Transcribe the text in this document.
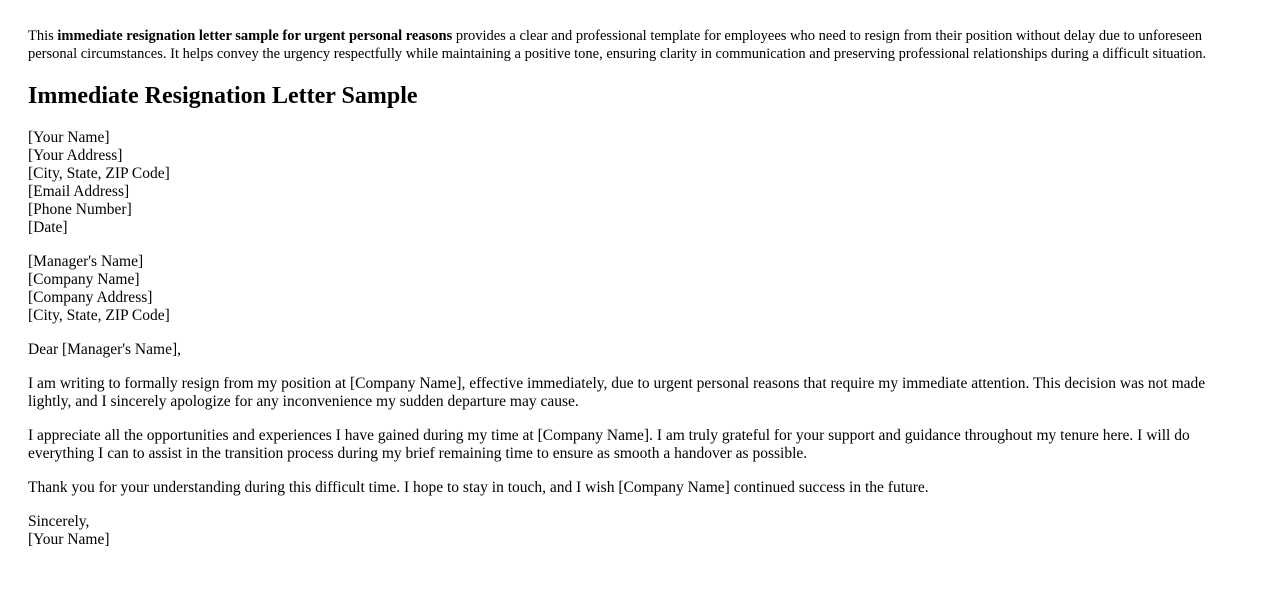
This immediate resignation letter sample for urgent personal reasons provides a clear and professional template for employees who need to resign from their position without delay due to unforeseen personal circumstances. It helps convey the urgency respectfully while maintaining a positive tone, ensuring clarity in communication and preserving professional relationships during a difficult situation.

Immediate Resignation Letter Sample
[Your Name]
[Your Address]
[City, State, ZIP Code]
[Email Address]
[Phone Number]
[Date]
[Manager's Name]
[Company Name]
[Company Address]
[City, State, ZIP Code]

Dear [Manager's Name],

I am writing to formally resign from my position at [Company Name], effective immediately, due to urgent personal reasons that require my immediate attention. This decision was not made lightly, and I sincerely apologize for any inconvenience my sudden departure may cause.

I appreciate all the opportunities and experiences I have gained during my time at [Company Name]. I am truly grateful for your support and guidance throughout my tenure here. I will do everything I can to assist in the transition process during my brief remaining time to ensure as smooth a handover as possible.

Thank you for your understanding during this difficult time. I hope to stay in touch, and I wish [Company Name] continued success in the future.

Sincerely,
[Your Name]
